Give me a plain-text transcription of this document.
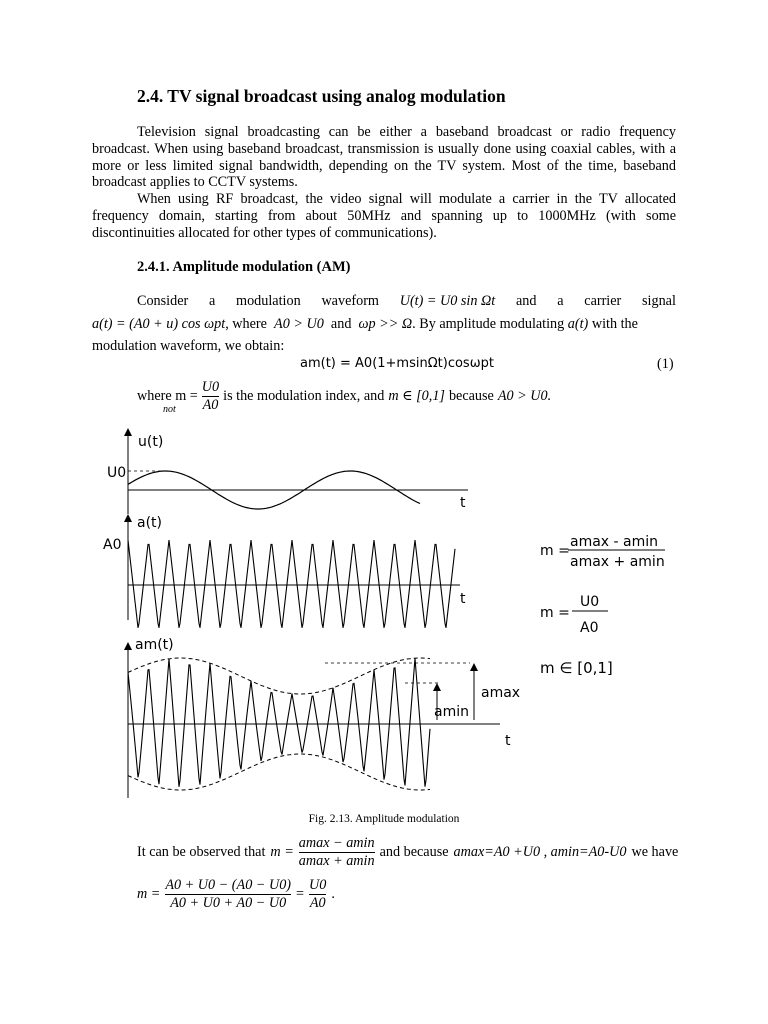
2.4. TV signal broadcast using analog modulation

Television signal broadcasting can be either a baseband broadcast or radio frequency broadcast. When using baseband broadcast, transmission is usually done using coaxial cables, with a more or less limited signal bandwidth, depending on the TV system. Most of the time, baseband broadcast applies to CCTV systems.

When using RF broadcast, the video signal will modulate a carrier in the TV allocated frequency domain, starting from about 50MHz and spanning up to 1000MHz (with some discontinuities allocated for other types of communications).

2.4.1. Amplitude modulation (AM)
Consider a modulation waveform U(t) = U0 sin Ωt and a carrier signal
a(t) = (A0 + u) cos ωpt, where A0 > U0 and ωp >> Ω. By amplitude modulating a(t) with the
modulation waveform, we obtain:
am(t) = A0(1+msinΩt)cosωpt	(1)
where m =
not $\frac{U0}{A0}$ is the modulation index, and m ∈ [0,1] because A0 > U0.
u(t)
U0
t
a(t)
A0
t
am(t)
amax
amin
t
m =
amax - amin
amax + amin
m =
U0
A0
m ∈ [0,1]
Fig. 2.13. Amplitude modulation
It can be observed that $m = \frac{amax - amin}{amax + amin}$ and because amax=A0 +U0 , amin=A0-U0 we have
$m = \frac{A0 + U0 - (A0 - U0)}{A0 + U0 + A0 - U0} = \frac{U0}{A0}$ .
